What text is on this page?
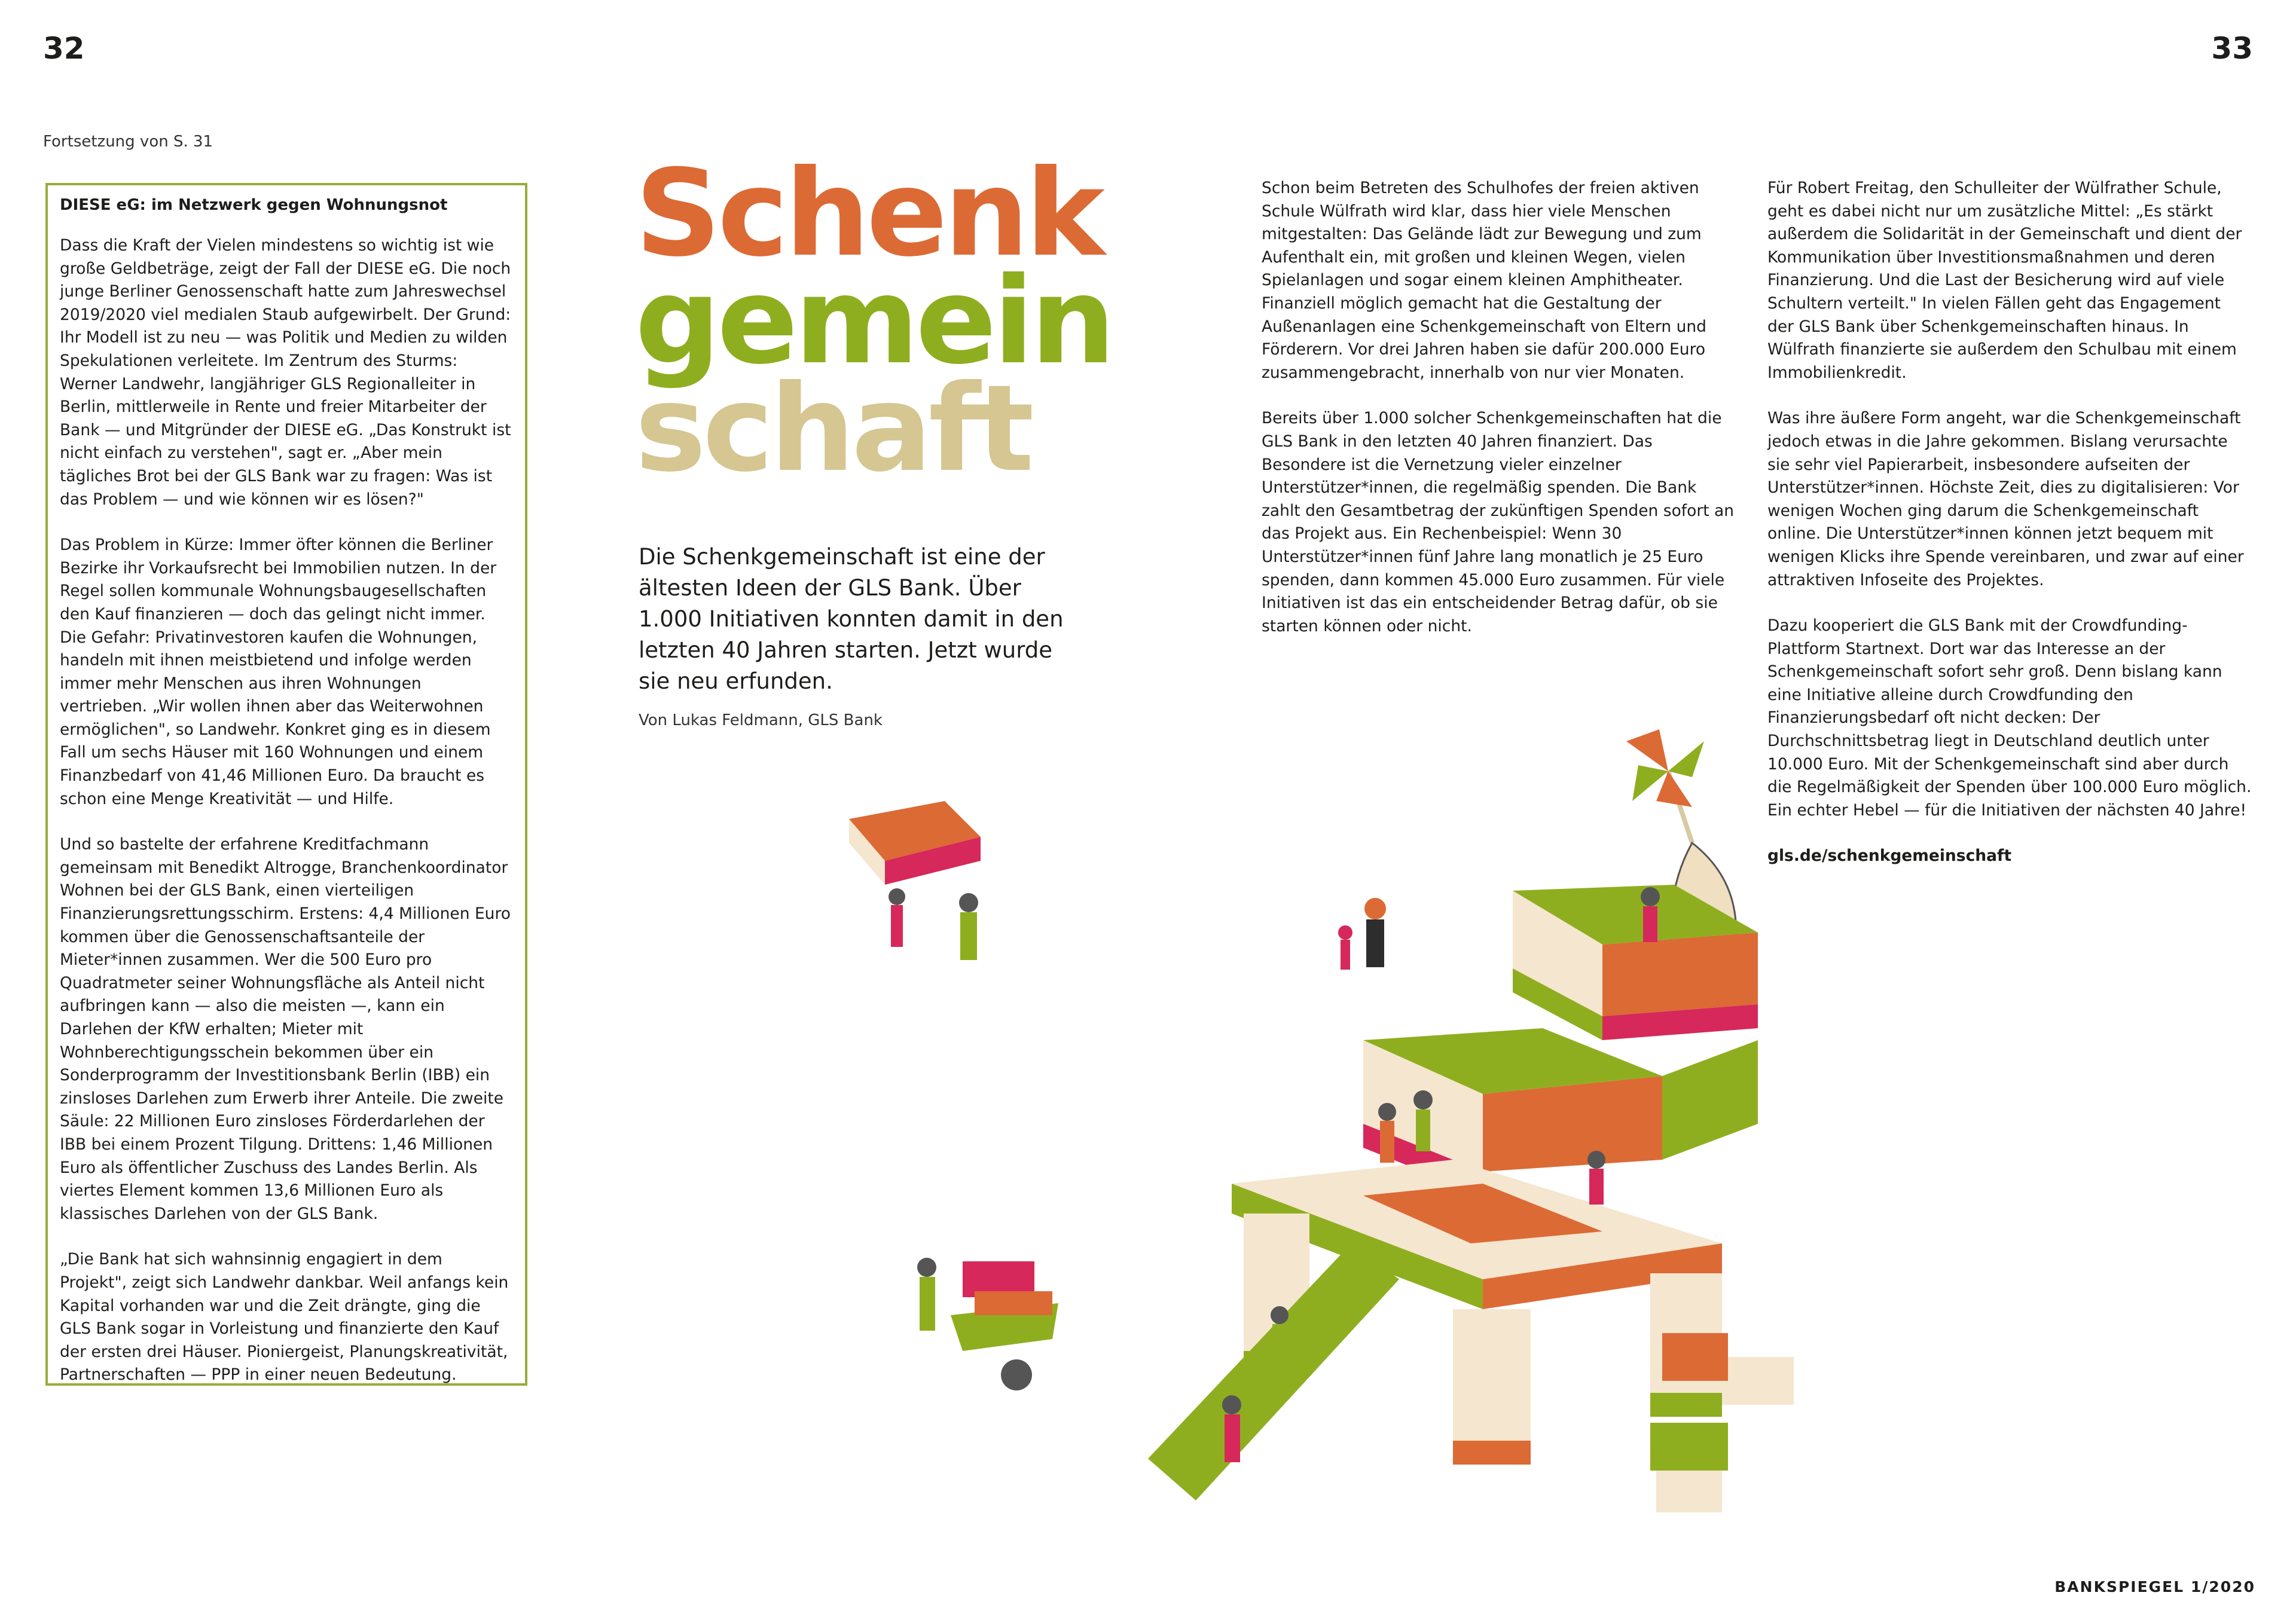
32	33
Fortsetzung von S. 31
DIESE eG: im Netzwerk gegen Wohnungsnot

Dass die Kraft der Vielen mindestens so wichtig ist wie große Geldbeträge, zeigt der Fall der DIESE eG. Die noch junge Berliner Genossenschaft hatte zum Jahreswechsel 2019/2020 viel medialen Staub aufgewirbelt. Der Grund: Ihr Modell ist zu neu — was Politik und Medien zu wilden Spekulationen verleitete. Im Zentrum des Sturms: Werner Landwehr, langjähriger GLS Regionalleiter in Berlin, mittlerweile in Rente und freier Mitarbeiter der Bank — und Mitgründer der DIESE eG. „Das Konstrukt ist nicht einfach zu verstehen", sagt er. „Aber mein tägliches Brot bei der GLS Bank war zu fragen: Was ist das Problem — und wie können wir es lösen?"

Das Problem in Kürze: Immer öfter können die Berliner Bezirke ihr Vorkaufsrecht bei Immobilien nutzen. In der Regel sollen kommunale Wohnungsbaugesellschaften den Kauf finanzieren — doch das gelingt nicht immer. Die Gefahr: Privatinvestoren kaufen die Wohnungen, handeln mit ihnen meistbietend und infolge werden immer mehr Menschen aus ihren Wohnungen vertrieben. „Wir wollen ihnen aber das Weiterwohnen ermöglichen", so Landwehr. Konkret ging es in diesem Fall um sechs Häuser mit 160 Wohnungen und einem Finanzbedarf von 41,46 Millionen Euro. Da braucht es schon eine Menge Kreativität — und Hilfe.

Und so bastelte der erfahrene Kreditfachmann gemeinsam mit Benedikt Altrogge, Branchenkoordinator Wohnen bei der GLS Bank, einen vierteiligen Finanzierungsrettungsschirm. Erstens: 4,4 Millionen Euro kommen über die Genossenschaftsanteile der Mieter*innen zusammen. Wer die 500 Euro pro Quadratmeter seiner Wohnungsfläche als Anteil nicht aufbringen kann — also die meisten —, kann ein Darlehen der KfW erhalten; Mieter mit Wohnberechtigungsschein bekommen über ein Sonderprogramm der Investitionsbank Berlin (IBB) ein zinsloses Darlehen zum Erwerb ihrer Anteile. Die zweite Säule: 22 Millionen Euro zinsloses Förderdarlehen der IBB bei einem Prozent Tilgung. Drittens: 1,46 Millionen Euro als öffentlicher Zuschuss des Landes Berlin. Als viertes Element kommen 13,6 Millionen Euro als klassisches Darlehen von der GLS Bank.

„Die Bank hat sich wahnsinnig engagiert in dem Projekt", zeigt sich Landwehr dankbar. Weil anfangs kein Kapital vorhanden war und die Zeit drängte, ging die GLS Bank sogar in Vorleistung und finanzierte den Kauf der ersten drei Häuser. Pioniergeist, Planungskreativität, Partnerschaften — PPP in einer neuen Bedeutung.

Schenk
gemein
schaft
Die Schenkgemeinschaft ist eine der ältesten Ideen der GLS Bank. Über 1.000 Initiativen konnten damit in den letzten 40 Jahren starten. Jetzt wurde sie neu erfunden.
Von Lukas Feldmann, GLS Bank

Schon beim Betreten des Schulhofes der freien aktiven Schule Wülfrath wird klar, dass hier viele Menschen mitgestalten: Das Gelände lädt zur Bewegung und zum Aufenthalt ein, mit großen und kleinen Wegen, vielen Spielanlagen und sogar einem kleinen Amphitheater. Finanziell möglich gemacht hat die Gestaltung der Außenanlagen eine Schenkgemeinschaft von Eltern und Förderern. Vor drei Jahren haben sie dafür 200.000 Euro zusammengebracht, innerhalb von nur vier Monaten.

Bereits über 1.000 solcher Schenkgemeinschaften hat die GLS Bank in den letzten 40 Jahren finanziert. Das Besondere ist die Vernetzung vieler einzelner Unterstützer*innen, die regelmäßig spenden. Die Bank zahlt den Gesamtbetrag der zukünftigen Spenden sofort an das Projekt aus. Ein Rechenbeispiel: Wenn 30 Unterstützer*innen fünf Jahre lang monatlich je 25 Euro spenden, dann kommen 45.000 Euro zusammen. Für viele Initiativen ist das ein entscheidender Betrag dafür, ob sie starten können oder nicht.

Für Robert Freitag, den Schulleiter der Wülfrather Schule, geht es dabei nicht nur um zusätzliche Mittel: „Es stärkt außerdem die Solidarität in der Gemeinschaft und dient der Kommunikation über Investitionsmaßnahmen und deren Finanzierung. Und die Last der Besicherung wird auf viele Schultern verteilt." In vielen Fällen geht das Engagement der GLS Bank über Schenkgemeinschaften hinaus. In Wülfrath finanzierte sie außerdem den Schulbau mit einem Immobilienkredit.

Was ihre äußere Form angeht, war die Schenkgemeinschaft jedoch etwas in die Jahre gekommen. Bislang verursachte sie sehr viel Papierarbeit, insbesondere aufseiten der Unterstützer*innen. Höchste Zeit, dies zu digitalisieren: Vor wenigen Wochen ging darum die Schenkgemeinschaft online. Die Unterstützer*innen können jetzt bequem mit wenigen Klicks ihre Spende vereinbaren, und zwar auf einer attraktiven Infoseite des Projektes.

Dazu kooperiert die GLS Bank mit der Crowdfunding-Plattform Startnext. Dort war das Interesse an der Schenkgemeinschaft sofort sehr groß. Denn bislang kann eine Initiative alleine durch Crowdfunding den Finanzierungsbedarf oft nicht decken: Der Durchschnittsbetrag liegt in Deutschland deutlich unter 10.000 Euro. Mit der Schenkgemeinschaft sind aber durch die Regelmäßigkeit der Spenden über 100.000 Euro möglich. Ein echter Hebel — für die Initiativen der nächsten 40 Jahre!

gls.de/schenkgemeinschaft

BANKSPIEGEL 1/2020
